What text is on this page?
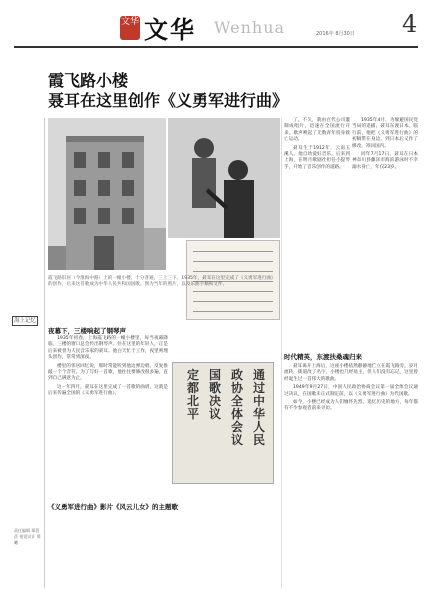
文华 文华 Wenhua	2016年 8月30日 4
霞飞路小楼
聂耳在这里创作《义勇军进行曲》
通过中华人民
政协全体会议
国歌决议
定都北平
霞飞路旧居（今淮海中路）上的一幢小楼，十分普通，三上三下。1935年，聂耳在这里完成了《义勇军进行曲》的创作，后来这首歌成为中华人民共和国国歌。图为当年的照片，以及乐曲手稿和文件。
海上记忆
责任编辑 郑蓓蓓 视觉设计 郑 曦
夜幕下，三楼响起了钢琴声
《义勇军进行曲》影片《风云儿女》的主题歌
时代精英，东渡扶桑魂归来

1935年初春，上海霞飞路的一幢小楼里，每当夜幕降临，三楼的窗口总会传出钢琴声。住在这里的年轻人，正是后来被誉为人民音乐家的聂耳。他白天忙于工作，夜里则埋头创作，常常到深夜。

楼里的邻居回忆说，那时常能听到他边弹边唱，反复推敲一个个音符。为了写好一首歌，他往往要修改很多遍，直到自己满意为止。

这一年四月，聂耳在这里完成了一首歌的曲谱，这就是后来传遍全国的《义勇军进行曲》。

了。不久，就由百代公司灌制成唱片，迅速在全国流行开来。歌声唤起了无数青年投身救亡运动。

聂耳生于1912年，云南玉溪人。他自幼爱好音乐，后来到上海，在明月歌剧社担任小提琴手，开始了音乐创作的道路。

1935年4月，为躲避国民党当局的追捕，聂耳东渡日本。临行前，他把《义勇军进行曲》的初稿带在身边，到日本后又作了修改，寄回国内。

同年7月17日，聂耳在日本神奈川县藤泽市海滨游泳时不幸溺水身亡，年仅23岁。

聂耳离开上海后，这座小楼依然静静地伫立在霞飞路旁。岁月流转，街道改了名字，小楼也几经易主，但人们没有忘记，这里曾经诞生过一首伟大的歌曲。

1949年9月27日，中国人民政治协商会议第一届全体会议通过决议，在国歌未正式制定前，以《义勇军进行曲》为代国歌。

如今，小楼已经成为人们缅怀先烈、追忆历史的地方，每年都有不少参观者前来寻访。
